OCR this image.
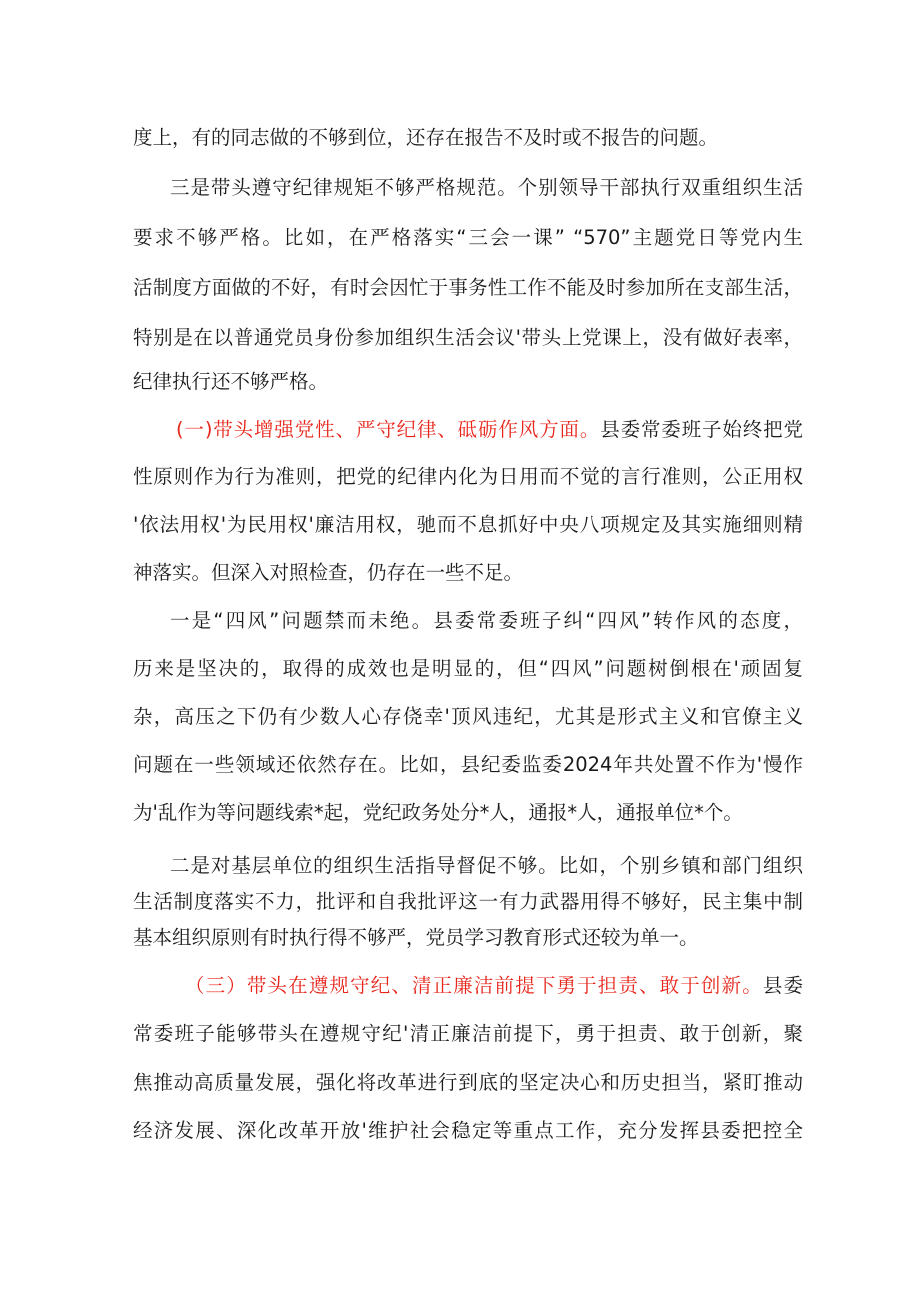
度上，有的同志做的不够到位，还存在报告不及时或不报告的问题。
三是带头遵守纪律规矩不够严格规范。个别领导干部执行双重组织生活
要求不够严格。比如，在严格落实“三会一课” “570”主题党日等党内生
活制度方面做的不好，有时会因忙于事务性工作不能及时参加所在支部生活，
特别是在以普通党员身份参加组织生活会议'带头上党课上，没有做好表率，
纪律执行还不够严格。
(一)带头增强党性、严守纪律、砥砺作风方面。县委常委班子始终把党
性原则作为行为准则，把党的纪律内化为日用而不觉的言行准则，公正用权
'依法用权'为民用权'廉洁用权，驰而不息抓好中央八项规定及其实施细则精
神落实。但深入对照检查，仍存在一些不足。
一是“四风”问题禁而未绝。县委常委班子纠“四风”转作风的态度，
历来是坚决的，取得的成效也是明显的，但“四风”问题树倒根在'顽固复
杂，高压之下仍有少数人心存侥幸'顶风违纪，尤其是形式主义和官僚主义
问题在一些领域还依然存在。比如，县纪委监委2024年共处置不作为'慢作
为'乱作为等问题线索*起，党纪政务处分*人，通报*人，通报单位*个。
二是对基层单位的组织生活指导督促不够。比如，个别乡镇和部门组织
生活制度落实不力，批评和自我批评这一有力武器用得不够好，民主集中制
基本组织原则有时执行得不够严，党员学习教育形式还较为单一。
（三）带头在遵规守纪、清正廉洁前提下勇于担责、敢于创新。县委
常委班子能够带头在遵规守纪'清正廉洁前提下，勇于担责、敢于创新，聚
焦推动高质量发展，强化将改革进行到底的坚定决心和历史担当，紧盯推动
经济发展、深化改革开放'维护社会稳定等重点工作，充分发挥县委把控全
